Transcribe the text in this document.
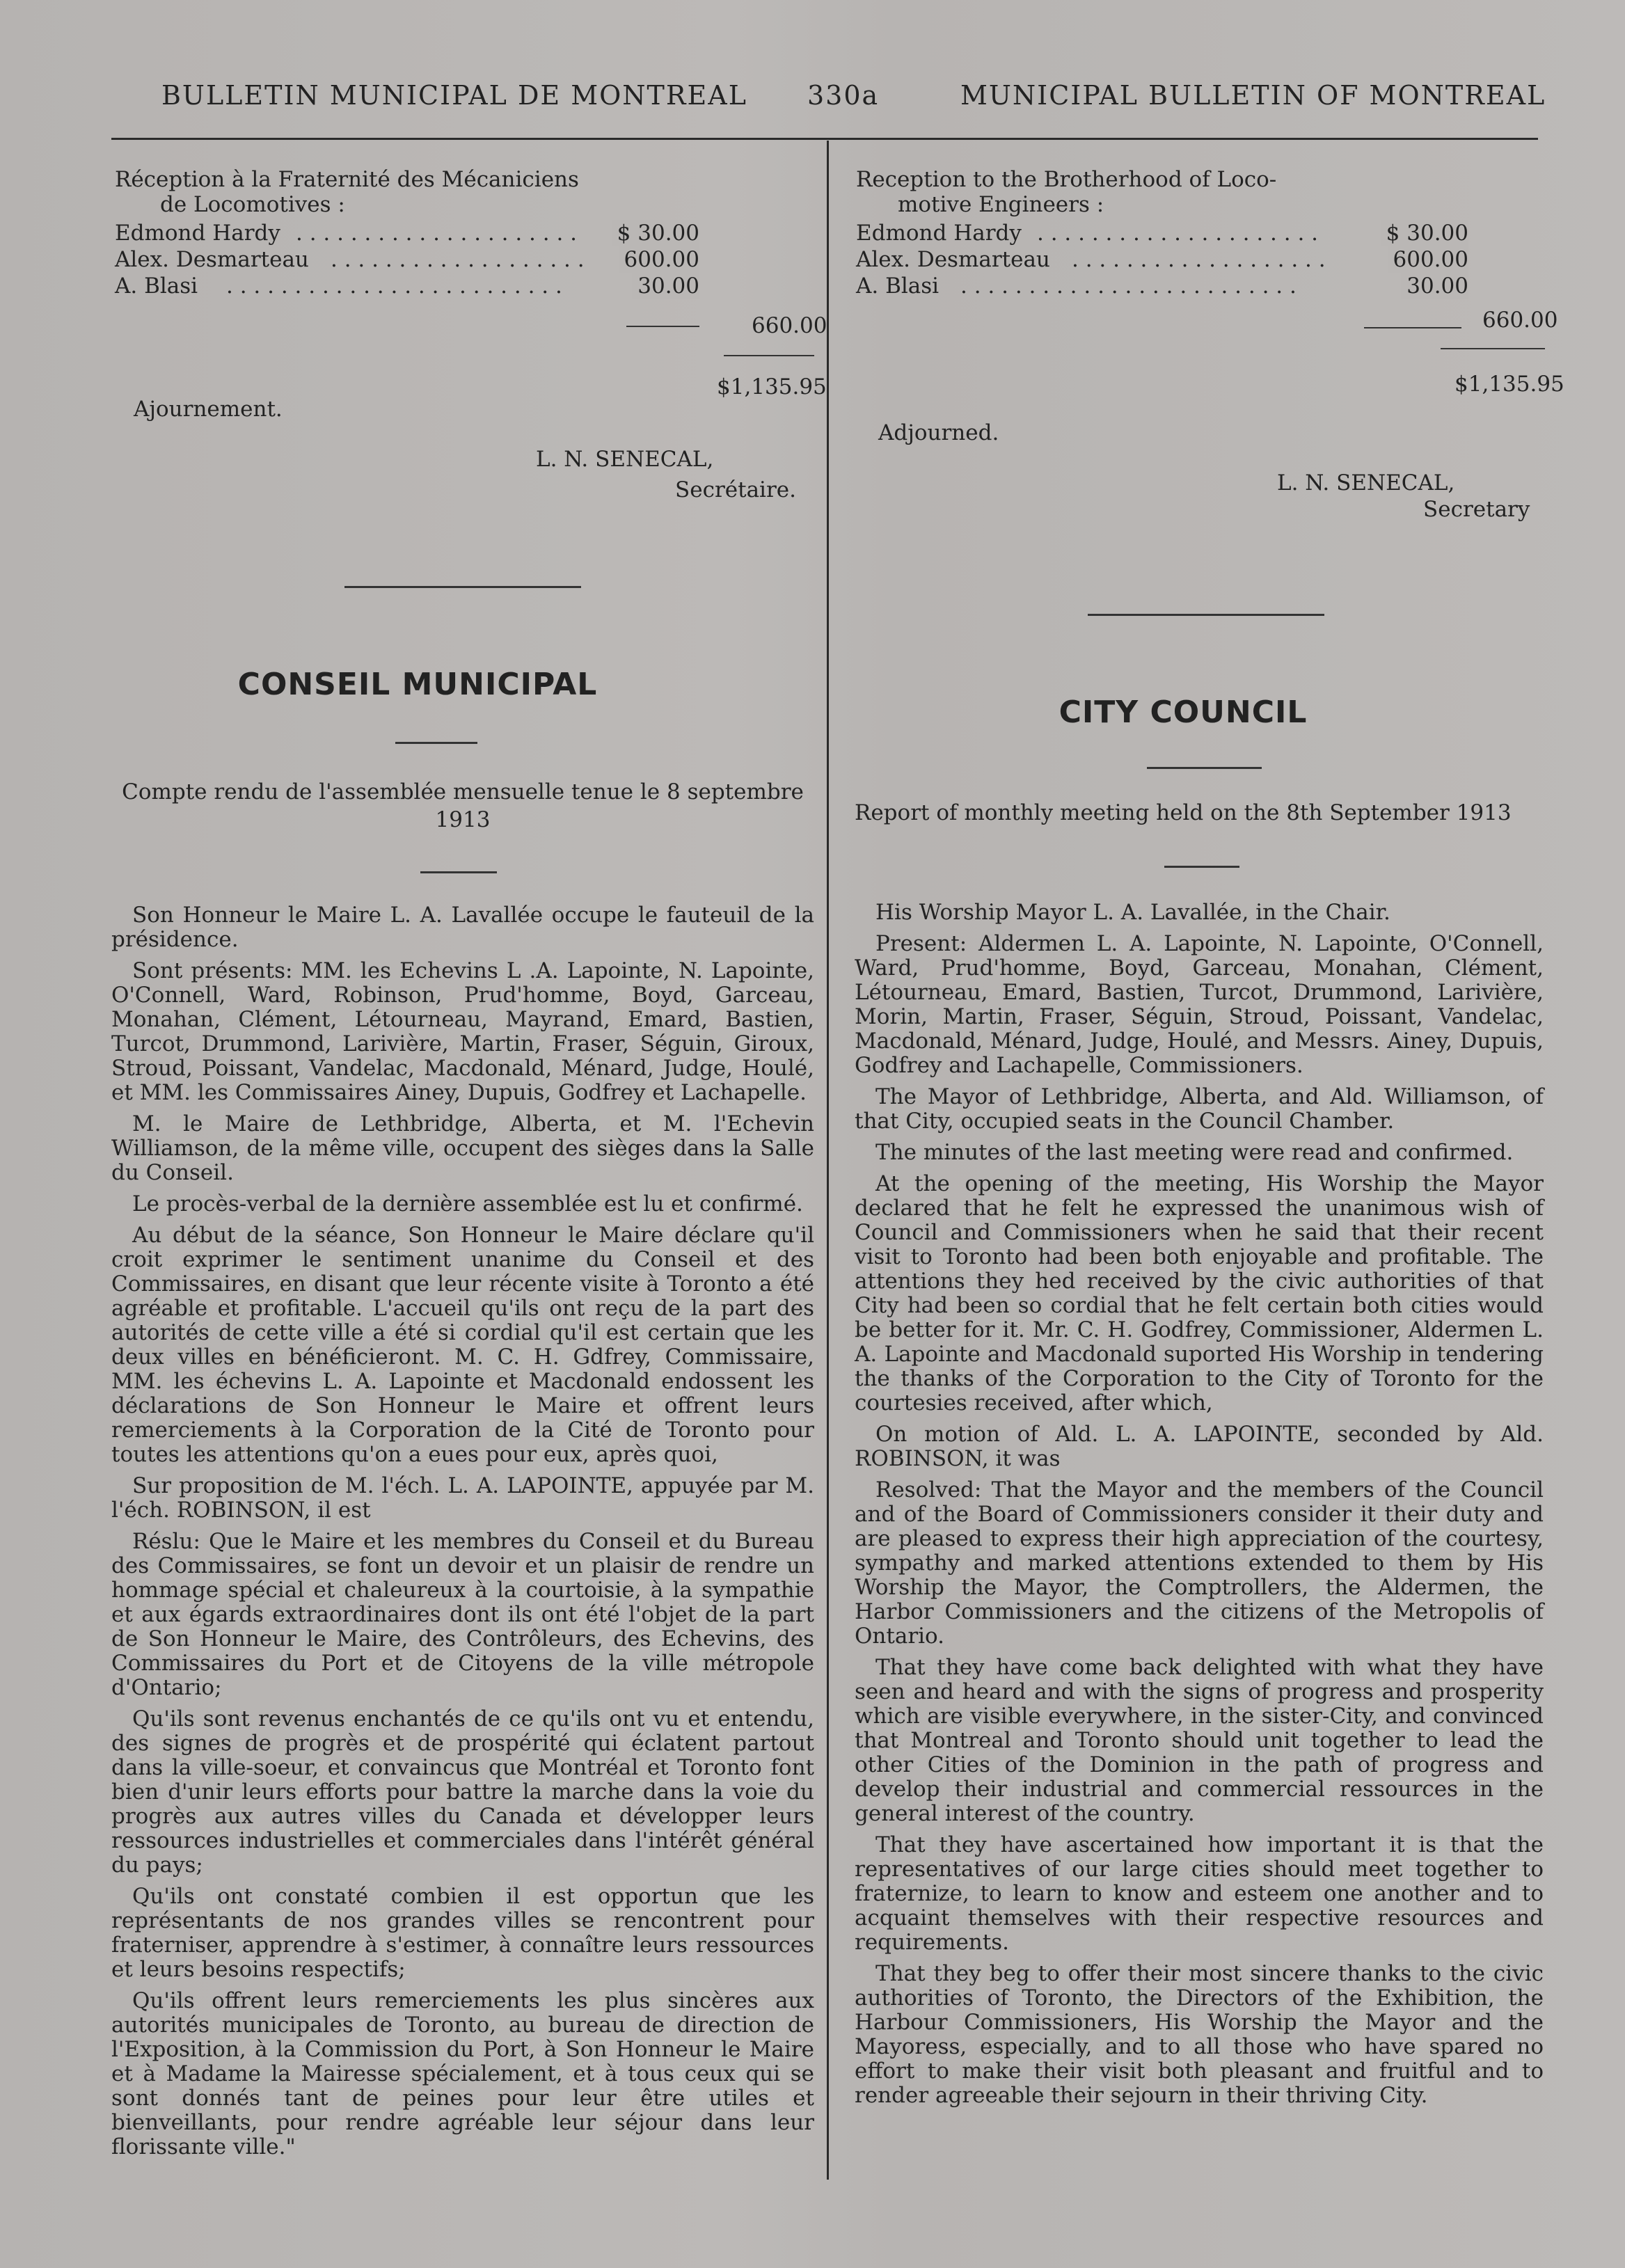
BULLETIN MUNICIPAL DE MONTREAL 330a	MUNICIPAL BULLETIN OF MONTREAL
Réception à la Fraternité des Mécaniciens
de Locomotives :
Edmond Hardy . . . . . . . . . . . . . . . . . . . . .	$ 30.00
Alex. Desmarteau . . . . . . . . . . . . . . . . . . .	600.00
A. Blasi . . . . . . . . . . . . . . . . . . . . . . . . .	30.00
660.00
$1,135.95
Ajournement.
L. N. SENECAL,
Secrétaire.
CONSEIL MUNICIPAL
Compte rendu de l'assemblée mensuelle tenue le 8 septembre
1913

Son Honneur le Maire L. A. Lavallée occupe le fauteuil de la présidence.

Sont présents: MM. les Echevins L .A. Lapointe, N. Lapointe, O'Connell, Ward, Robinson, Prud'homme, Boyd, Garceau, Monahan, Clément, Létourneau, Mayrand, Emard, Bastien, Turcot, Drummond, Larivière, Martin, Fraser, Séguin, Giroux, Stroud, Poissant, Vandelac, Macdonald, Ménard, Judge, Houlé, et MM. les Commissaires Ainey, Dupuis, Godfrey et Lachapelle.

M. le Maire de Lethbridge, Alberta, et M. l'Echevin Williamson, de la même ville, occupent des sièges dans la Salle du Conseil.

Le procès-verbal de la dernière assemblée est lu et confirmé.

Au début de la séance, Son Honneur le Maire déclare qu'il croit exprimer le sentiment unanime du Conseil et des Commissaires, en disant que leur récente visite à Toronto a été agréable et profitable. L'accueil qu'ils ont reçu de la part des autorités de cette ville a été si cordial qu'il est certain que les deux villes en bénéficieront. M. C. H. Gdfrey, Commissaire, MM. les échevins L. A. Lapointe et Macdonald endossent les déclarations de Son Honneur le Maire et offrent leurs remerciements à la Corporation de la Cité de Toronto pour toutes les attentions qu'on a eues pour eux, après quoi,

Sur proposition de M. l'éch. L. A. LAPOINTE, appuyée par M. l'éch. ROBINSON, il est

Réslu: Que le Maire et les membres du Conseil et du Bureau des Commissaires, se font un devoir et un plaisir de rendre un hommage spécial et chaleureux à la courtoisie, à la sympathie et aux égards extraordinaires dont ils ont été l'objet de la part de Son Honneur le Maire, des Contrôleurs, des Echevins, des Commissaires du Port et de Citoyens de la ville métropole d'Ontario;

Qu'ils sont revenus enchantés de ce qu'ils ont vu et entendu, des signes de progrès et de prospérité qui éclatent partout dans la ville-soeur, et convaincus que Montréal et Toronto font bien d'unir leurs efforts pour battre la marche dans la voie du progrès aux autres villes du Canada et développer leurs ressources industrielles et commerciales dans l'intérêt général du pays;

Qu'ils ont constaté combien il est opportun que les représentants de nos grandes villes se rencontrent pour fraterniser, apprendre à s'estimer, à connaître leurs ressources et leurs besoins respectifs;

Qu'ils offrent leurs remerciements les plus sincères aux autorités municipales de Toronto, au bureau de direction de l'Exposition, à la Commission du Port, à Son Honneur le Maire et à Madame la Mairesse spécialement, et à tous ceux qui se sont donnés tant de peines pour leur être utiles et bienveillants, pour rendre agréable leur séjour dans leur florissante ville."

Reception to the Brotherhood of Loco-
motive Engineers :
Edmond Hardy . . . . . . . . . . . . . . . . . . . . .	$ 30.00
Alex. Desmarteau . . . . . . . . . . . . . . . . . . .	600.00
A. Blasi . . . . . . . . . . . . . . . . . . . . . . . . .	30.00
660.00
$1,135.95
Adjourned.
L. N. SENECAL,
Secretary
CITY COUNCIL
Report of monthly meeting held on the 8th September 1913

His Worship Mayor L. A. Lavallée, in the Chair.

Present: Aldermen L. A. Lapointe, N. Lapointe, O'Connell, Ward, Prud'homme, Boyd, Garceau, Monahan, Clément, Létourneau, Emard, Bastien, Turcot, Drummond, Larivière, Morin, Martin, Fraser, Séguin, Stroud, Poissant, Vandelac, Macdonald, Ménard, Judge, Houlé, and Messrs. Ainey, Dupuis, Godfrey and Lachapelle, Commissioners.

The Mayor of Lethbridge, Alberta, and Ald. Williamson, of that City, occupied seats in the Council Chamber.

The minutes of the last meeting were read and confirmed.

At the opening of the meeting, His Worship the Mayor declared that he felt he expressed the unanimous wish of Council and Commissioners when he said that their recent visit to Toronto had been both enjoyable and profitable. The attentions they hed received by the civic authorities of that City had been so cordial that he felt certain both cities would be better for it. Mr. C. H. Godfrey, Commissioner, Aldermen L. A. Lapointe and Macdonald suported His Worship in tendering the thanks of the Corporation to the City of Toronto for the courtesies received, after which,

On motion of Ald. L. A. LAPOINTE, seconded by Ald. ROBINSON, it was

Resolved: That the Mayor and the members of the Council and of the Board of Commissioners consider it their duty and are pleased to express their high appreciation of the courtesy, sympathy and marked attentions extended to them by His Worship the Mayor, the Comptrollers, the Aldermen, the Harbor Commissioners and the citizens of the Metropolis of Ontario.

That they have come back delighted with what they have seen and heard and with the signs of progress and prosperity which are visible everywhere, in the sister-City, and convinced that Montreal and Toronto should unit together to lead the other Cities of the Dominion in the path of progress and develop their industrial and commercial ressources in the general interest of the country.

That they have ascertained how important it is that the representatives of our large cities should meet together to fraternize, to learn to know and esteem one another and to acquaint themselves with their respective resources and requirements.

That they beg to offer their most sincere thanks to the civic authorities of Toronto, the Directors of the Exhibition, the Harbour Commissioners, His Worship the Mayor and the Mayoress, especially, and to all those who have spared no effort to make their visit both pleasant and fruitful and to render agreeable their sejourn in their thriving City.
